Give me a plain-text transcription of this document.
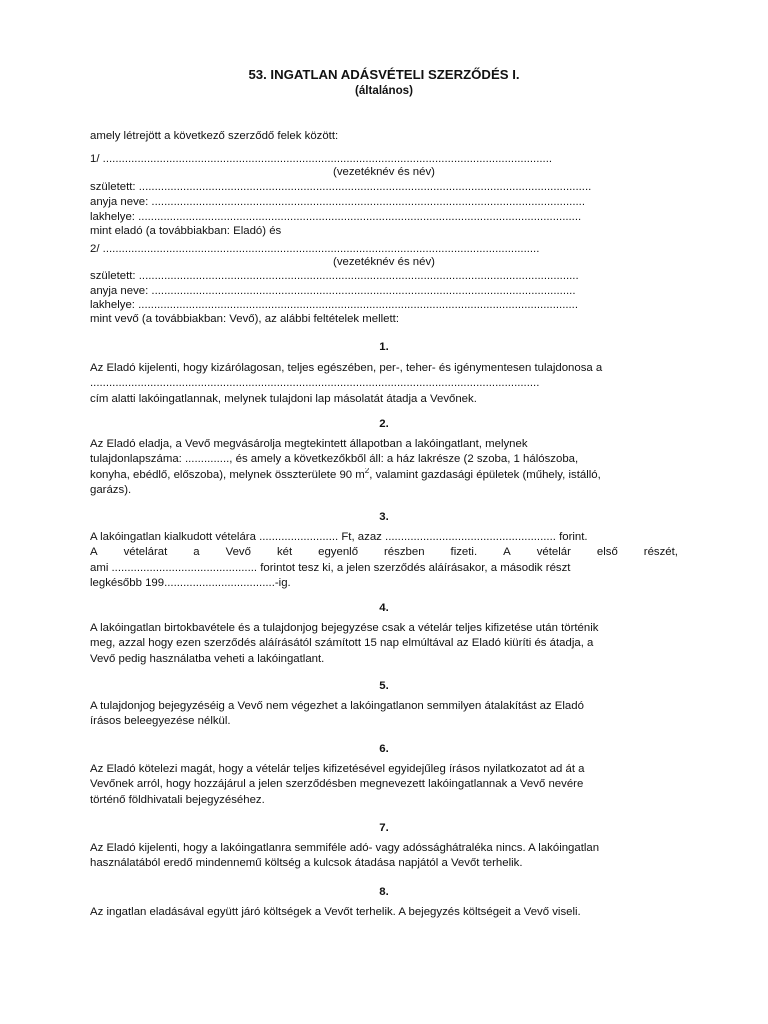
53. INGATLAN ADÁSVÉTELI SZERZŐDÉS I.
(általános)
amely létrejött a következő szerződő felek között:
1/ ..............................................................................................................................................
(vezetéknév és név)
született: ...............................................................................................................................................
anyja neve: .........................................................................................................................................
lakhelye: ............................................................................................................................................
mint eladó (a továbbiakban: Eladó) és
2/ ..........................................................................................................................................
(vezetéknév és név)
született: ...........................................................................................................................................
anyja neve: ......................................................................................................................................
lakhelye: ...........................................................................................................................................
mint vevő (a továbbiakban: Vevő), az alábbi feltételek mellett:
1.
Az Eladó kijelenti, hogy kizárólagosan, teljes egészében, per-, teher- és igénymentesen tulajdonosa a
..............................................................................................................................................
cím alatti lakóingatlannak, melynek tulajdoni lap másolatát átadja a Vevőnek.
2.
Az Eladó eladja, a Vevő megvásárolja megtekintett állapotban a lakóingatlant, melynek
tulajdonlapszáma: .............., és amely a következőkből áll: a ház lakrésze (2 szoba, 1 hálószoba,
konyha, ebédlő, előszoba), melynek összterülete 90 $m^2$, valamint gazdasági épületek (műhely, istálló,
garázs).
3.
A lakóingatlan kialkudott vételára ......................... Ft, azaz ...................................................... forint.
A vételárat a Vevő két egyenlő részben fizeti. A vételár első részét,
ami .............................................. forintot tesz ki, a jelen szerződés aláírásakor, a második részt
legkésőbb 199...................................-ig.
4.
A lakóingatlan birtokbavétele és a tulajdonjog bejegyzése csak a vételár teljes kifizetése után történik
meg, azzal hogy ezen szerződés aláírásától számított 15 nap elmúltával az Eladó kiüríti és átadja, a
Vevő pedig használatba veheti a lakóingatlant.
5.
A tulajdonjog bejegyzéséig a Vevő nem végezhet a lakóingatlanon semmilyen átalakítást az Eladó
írásos beleegyezése nélkül.
6.
Az Eladó kötelezi magát, hogy a vételár teljes kifizetésével egyidejűleg írásos nyilatkozatot ad át a
Vevőnek arról, hogy hozzájárul a jelen szerződésben megnevezett lakóingatlannak a Vevő nevére
történő földhivatali bejegyzéséhez.
7.
Az Eladó kijelenti, hogy a lakóingatlanra semmiféle adó- vagy adóssághátraléka nincs. A lakóingatlan
használatából eredő mindennemű költség a kulcsok átadása napjától a Vevőt terhelik.
8.
Az ingatlan eladásával együtt járó költségek a Vevőt terhelik. A bejegyzés költségeit a Vevő viseli.
